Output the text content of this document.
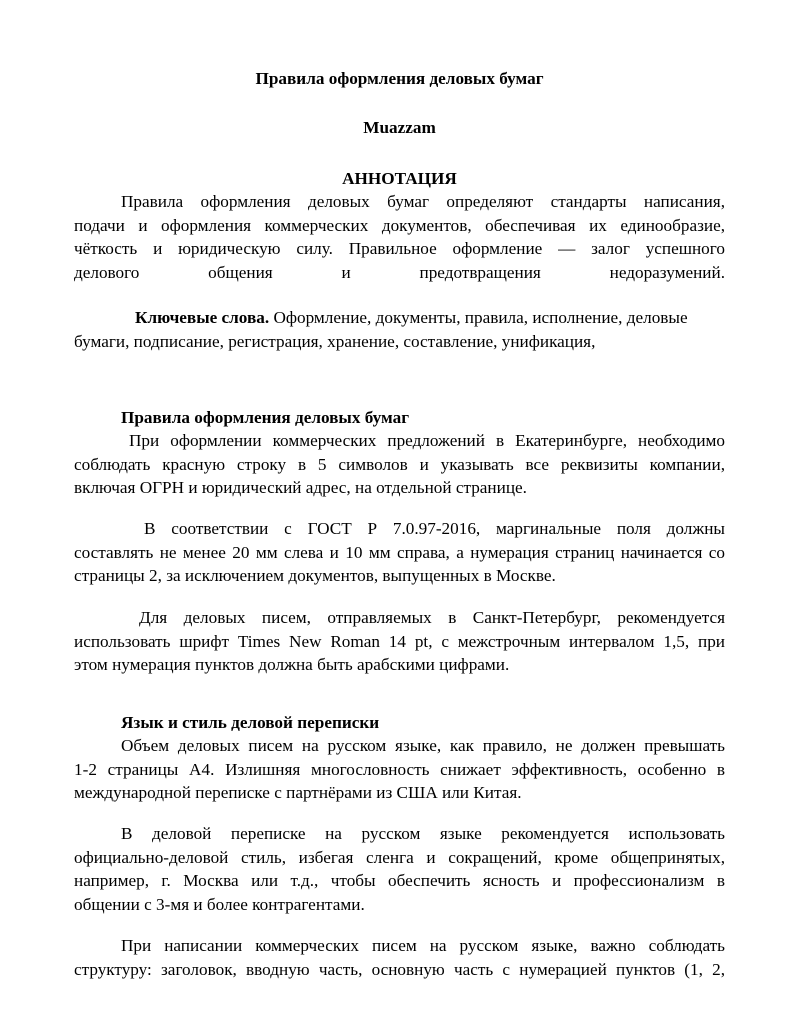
Правила оформления деловых бумаг
Muazzam
АННОТАЦИЯ
Правила оформления деловых бумаг определяют стандарты написания,
подачи и оформления коммерческих документов, обеспечивая их единообразие,
чёткость и юридическую силу. Правильное оформление — залог успешного
делового общения и предотвращения недоразумений.
Ключевые слова. Оформление, документы, правила, исполнение, деловые
бумаги, подписание, регистрация, хранение, составление, унификация,
Правила оформления деловых бумаг
При оформлении коммерческих предложений в Екатеринбурге, необходимо
соблюдать красную строку в 5 символов и указывать все реквизиты компании,
включая ОГРН и юридический адрес, на отдельной странице.
В соответствии с ГОСТ Р 7.0.97-2016, маргинальные поля должны
составлять не менее 20 мм слева и 10 мм справа, а нумерация страниц начинается со
страницы 2, за исключением документов, выпущенных в Москве.
Для деловых писем, отправляемых в Санкт-Петербург, рекомендуется
использовать шрифт Times New Roman 14 pt, с межстрочным интервалом 1,5, при
этом нумерация пунктов должна быть арабскими цифрами.
Язык и стиль деловой переписки
Объем деловых писем на русском языке, как правило, не должен превышать
1-2 страницы А4. Излишняя многословность снижает эффективность, особенно в
международной переписке с партнёрами из США или Китая.
В деловой переписке на русском языке рекомендуется использовать
официально-деловой стиль, избегая сленга и сокращений, кроме общепринятых,
например, г. Москва или т.д., чтобы обеспечить ясность и профессионализм в
общении с 3-мя и более контрагентами.
При написании коммерческих писем на русском языке, важно соблюдать
структуру: заголовок, вводную часть, основную часть с нумерацией пунктов (1, 2,
